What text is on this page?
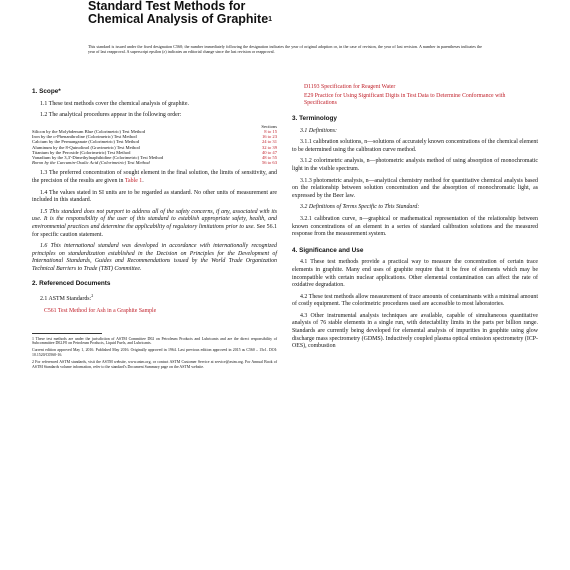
Standard Test Methods for
Chemical Analysis of Graphite$^1$
This standard is issued under the fixed designation C560; the number immediately following the designation indicates the year of original adoption or, in the case of revision, the year of last revision. A number in parentheses indicates the year of last reapproval. A superscript epsilon (ε) indicates an editorial change since the last revision or reapproval.
1. Scope*

1.1 These test methods cover the chemical analysis of graphite.

1.2 The analytical procedures appear in the following order:

	Sections
Silicon by the Molybdenum Blue (Colorimetric) Test Method	8 to 15
Iron by the o-Phenanthroline (Colorimetric) Test Method	16 to 23
Calcium by the Permanganate (Colorimetric) Test Method	24 to 31
Aluminum by the 8-Quinolinol (Gravimetric) Test Method	32 to 39
Titanium by the Peroxide (Colorimetric) Test Method	40 to 47
Vanadium by the 3,3'-Dimethylnaphthidine (Colorimetric) Test Method	48 to 55
Boron by the Curcumin-Oxalic Acid (Colorimetric) Test Method	56 to 63

1.3 The preferred concentration of sought element in the final solution, the limits of sensitivity, and the precision of the results are given in Table 1.

1.4 The values stated in SI units are to be regarded as standard. No other units of measurement are included in this standard.

1.5 This standard does not purport to address all of the safety concerns, if any, associated with its use. It is the responsibility of the user of this standard to establish appropriate safety, health, and environmental practices and determine the applicability of regulatory limitations prior to use. See 56.1 for specific caution statement.

1.6 This international standard was developed in accordance with internationally recognized principles on standardization established in the Decision on Principles for the Development of International Standards, Guides and Recommendations issued by the World Trade Organization Technical Barriers to Trade (TBT) Committee.

2. Referenced Documents

2.1 ASTM Standards:$^2$

C561 Test Method for Ash in a Graphite Sample

1 These test methods are under the jurisdiction of ASTM Committee D02 on Petroleum Products and Lubricants and are the direct responsibility of Subcommittee D02.F0 on Petroleum Products, Liquid Fuels, and Lubricants.

Current edition approved May 1, 2016. Published May 2016. Originally approved in 1964. Last previous edition approved in 2015 as C560 – 15ε1. DOI: 10.1520/C0560-16.

2 For referenced ASTM standards, visit the ASTM website, www.astm.org, or contact ASTM Customer Service at service@astm.org. For Annual Book of ASTM Standards volume information, refer to the standard's Document Summary page on the ASTM website.

D1193 Specification for Reagent Water
E29 Practice for Using Significant Digits in Test Data to Determine Conformance with Specifications
3. Terminology

3.1 Definitions:

3.1.1 calibration solutions, n—solutions of accurately known concentrations of the chemical element to be determined using the calibration curve method.

3.1.2 colorimetric analysis, n—photometric analysis method of using absorption of monochromatic light in the visible spectrum.

3.1.3 photometric analysis, n—analytical chemistry method for quantitative chemical analysis based on the relationship between solution concentration and the absorption of monochromatic light, as expressed by the Beer law.

3.2 Definitions of Terms Specific to This Standard:

3.2.1 calibration curve, n—graphical or mathematical representation of the relationship between known concentrations of an element in a series of standard calibration solutions and the measured response from the measurement system.

4. Significance and Use

4.1 These test methods provide a practical way to measure the concentration of certain trace elements in graphite. Many end uses of graphite require that it be free of elements which may be incompatible with certain nuclear applications. Other elemental contamination can affect the rate of oxidative degradation.

4.2 These test methods allow measurement of trace amounts of contaminants with a minimal amount of costly equipment. The colorimetric procedures used are accessible to most laboratories.

4.3 Other instrumental analysis techniques are available, capable of simultaneous quantitative analysis of 76 stable elements in a single run, with detectability limits in the parts per billion range. Standards are currently being developed for elemental analysis of impurities in graphite using glow discharge mass spectrometry (GDMS). Inductively coupled plasma optical emission spectrometry (ICP-OES), combustion
